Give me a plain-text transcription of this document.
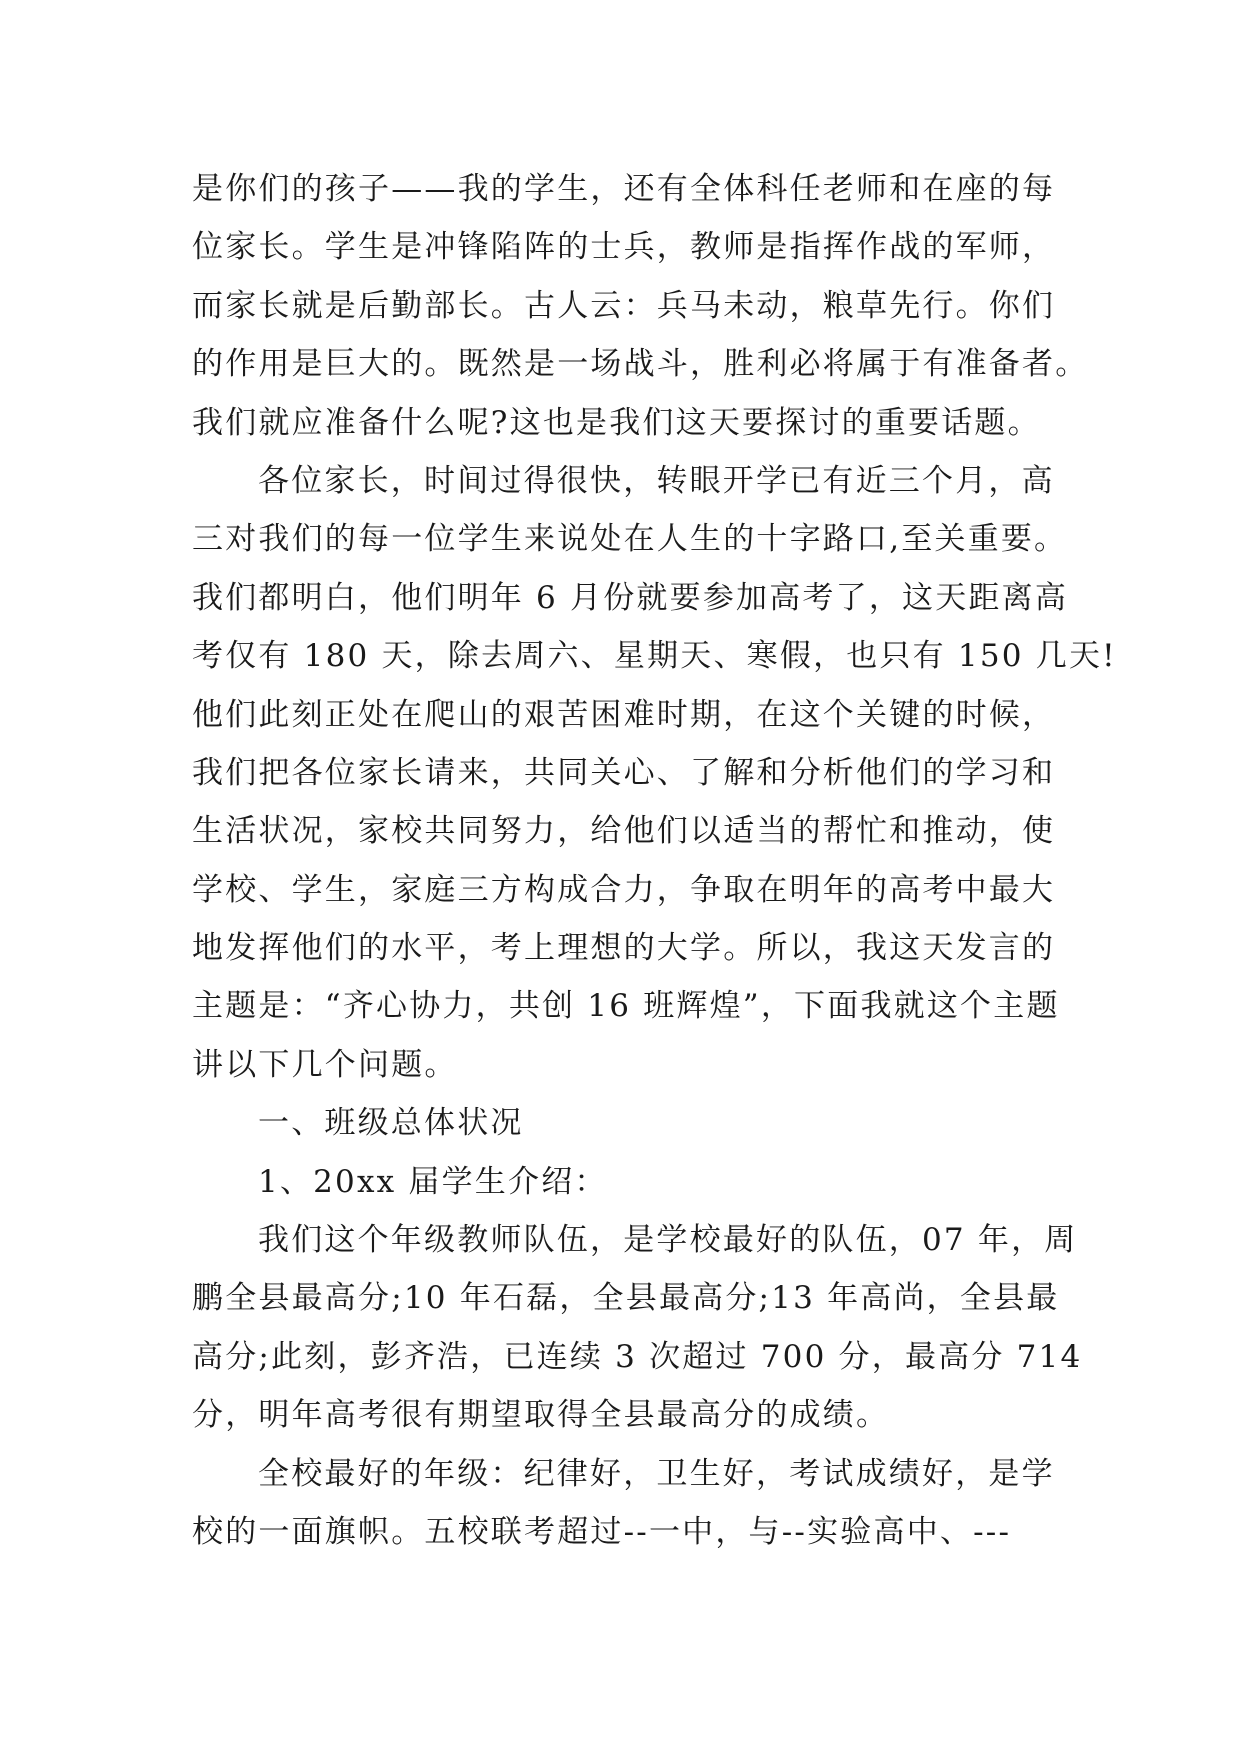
是你们的孩子——我的学生，还有全体科任老师和在座的每
位家长。学生是冲锋陷阵的士兵，教师是指挥作战的军师，
而家长就是后勤部长。古人云：兵马未动，粮草先行。你们
的作用是巨大的。既然是一场战斗，胜利必将属于有准备者。
我们就应准备什么呢?这也是我们这天要探讨的重要话题。
各位家长，时间过得很快，转眼开学已有近三个月，高
三对我们的每一位学生来说处在人生的十字路口,至关重要。
我们都明白，他们明年 6 月份就要参加高考了，这天距离高
考仅有 180 天，除去周六、星期天、寒假，也只有 150 几天!
他们此刻正处在爬山的艰苦困难时期，在这个关键的时候，
我们把各位家长请来，共同关心、了解和分析他们的学习和
生活状况，家校共同努力，给他们以适当的帮忙和推动，使
学校、学生，家庭三方构成合力，争取在明年的高考中最大
地发挥他们的水平，考上理想的大学。所以，我这天发言的
主题是：“齐心协力，共创 16 班辉煌”，下面我就这个主题
讲以下几个问题。
一、班级总体状况
1、20xx 届学生介绍：
我们这个年级教师队伍，是学校最好的队伍，07 年，周
鹏全县最高分;10 年石磊，全县最高分;13 年高尚，全县最
高分;此刻，彭齐浩，已连续 3 次超过 700 分，最高分 714
分，明年高考很有期望取得全县最高分的成绩。
全校最好的年级：纪律好，卫生好，考试成绩好，是学
校的一面旗帜。五校联考超过--一中，与--实验高中、---
